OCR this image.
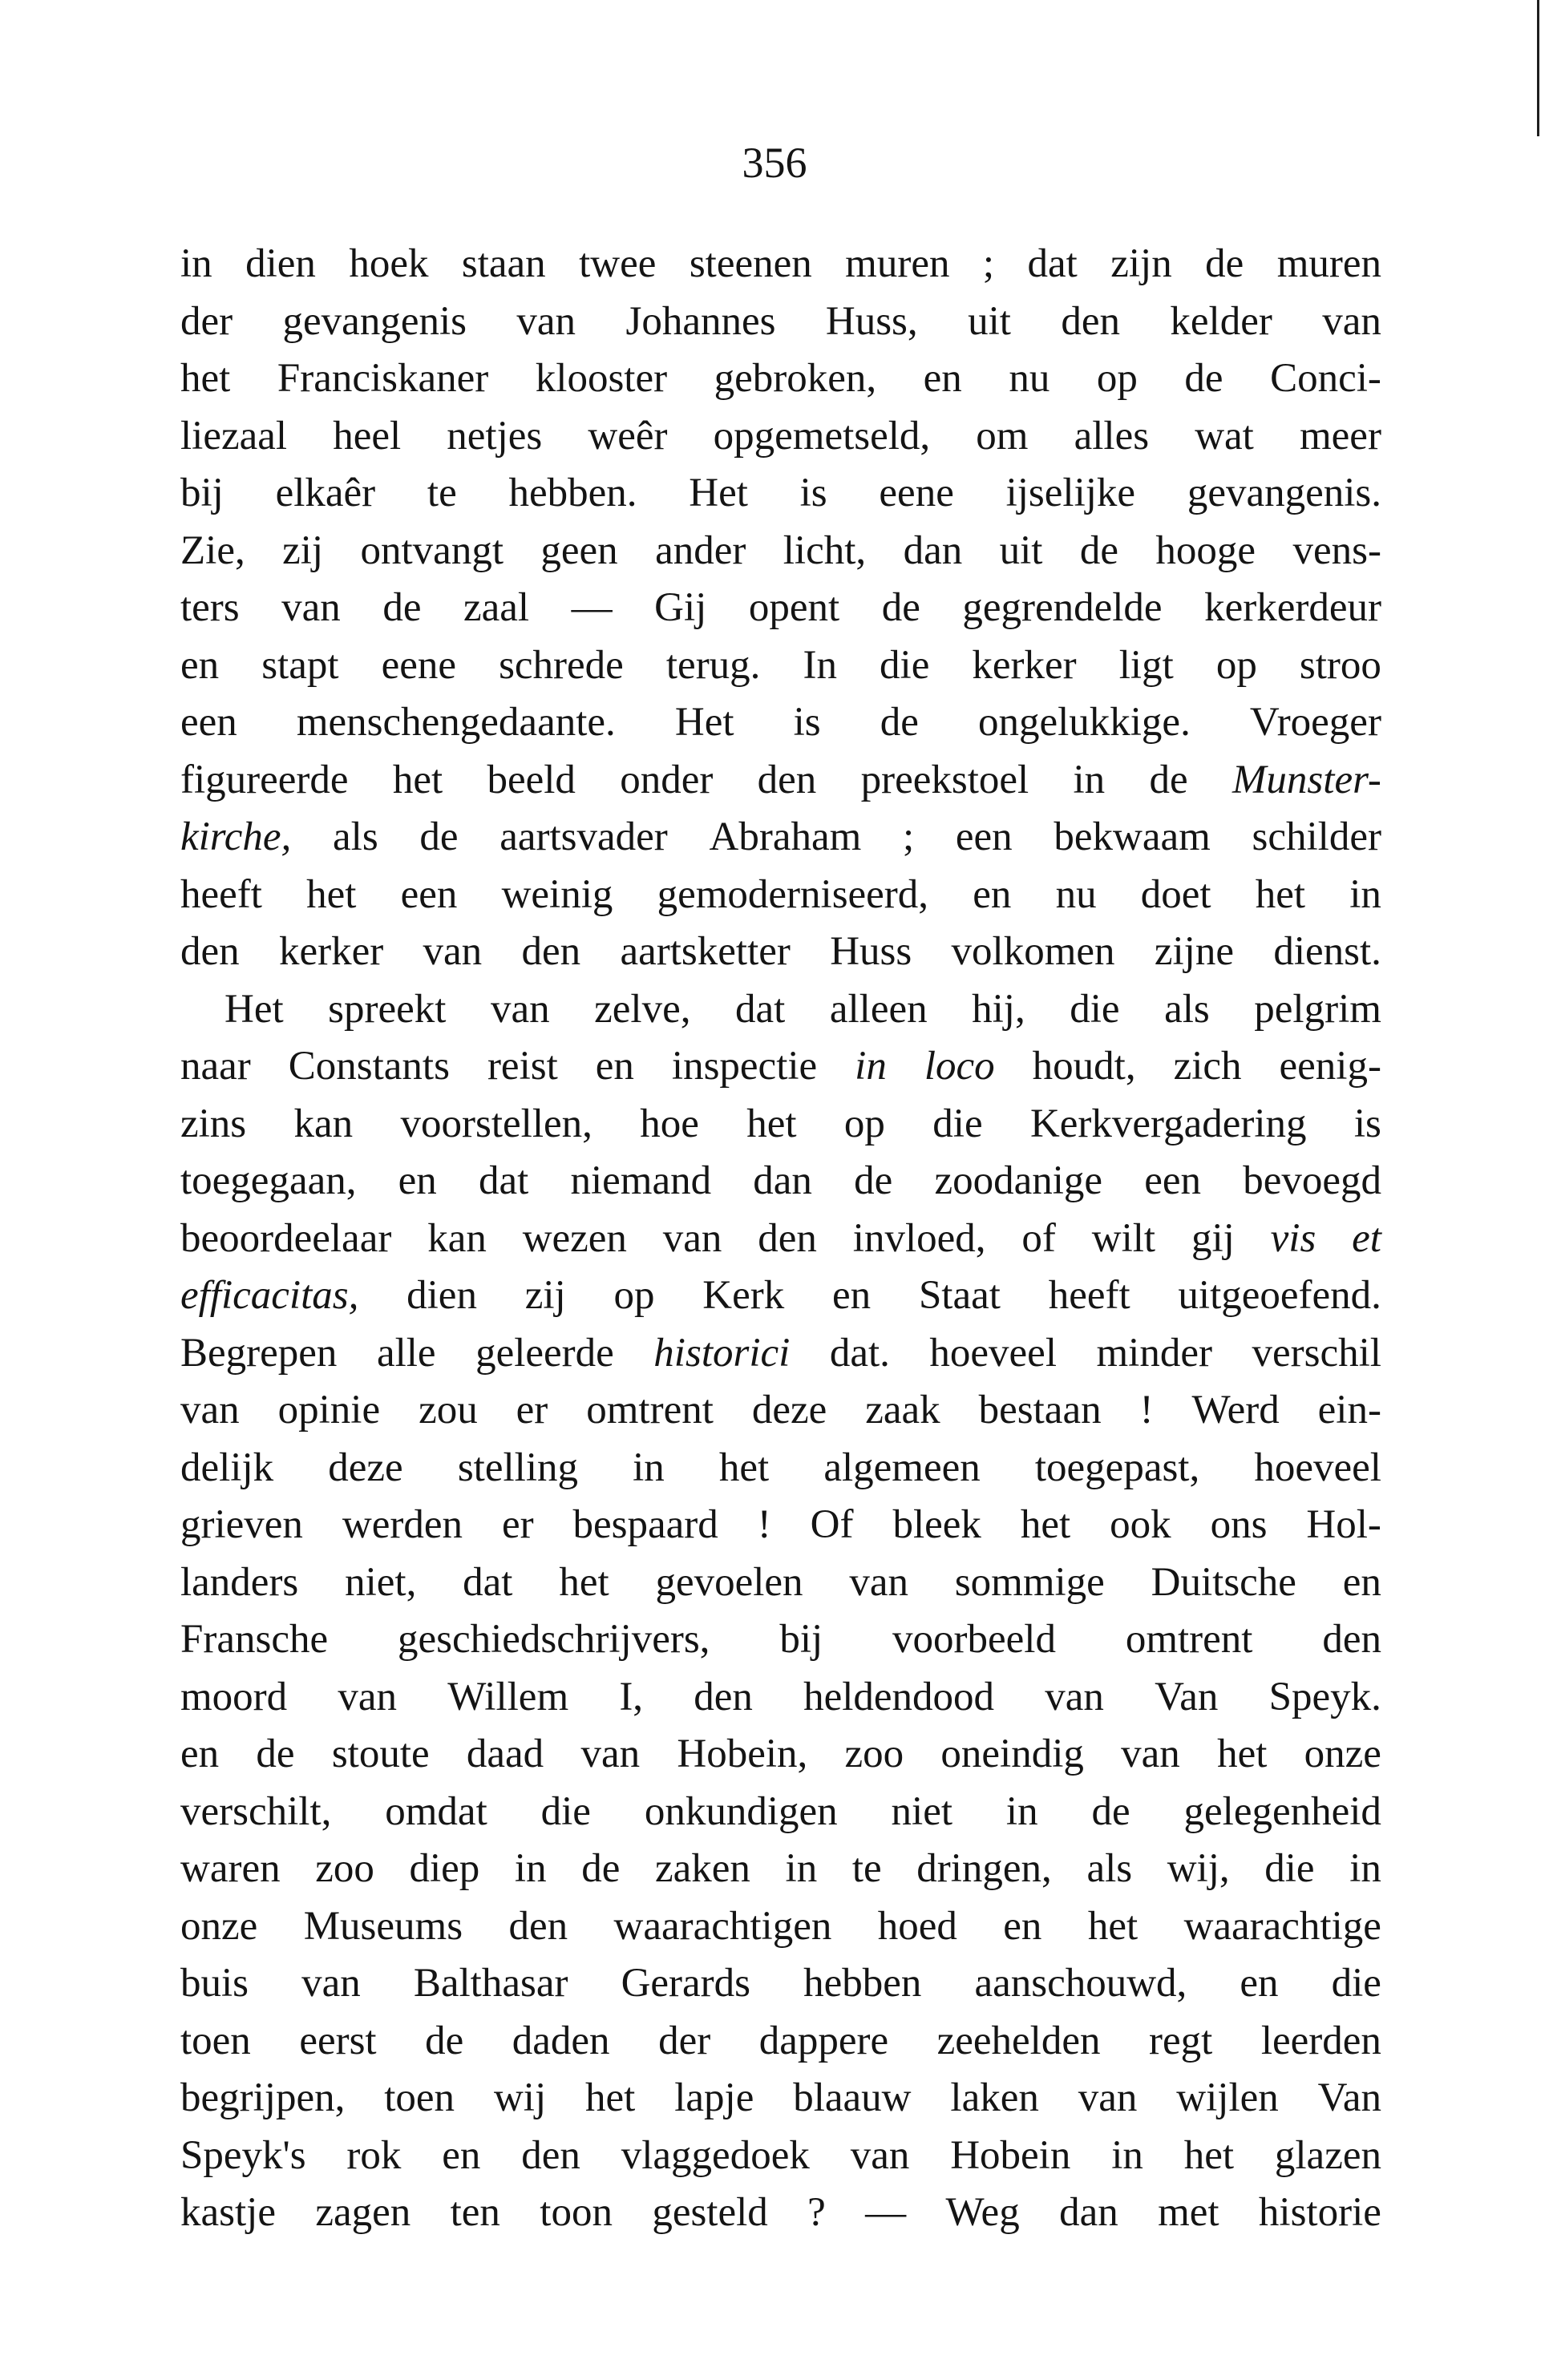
356
in dien hoek staan twee steenen muren ; dat zijn de muren
der gevangenis van Johannes Huss, uit den kelder van
het Franciskaner klooster gebroken, en nu op de Conci-
liezaal heel netjes weêr opgemetseld, om alles wat meer
bij elkaêr te hebben. Het is eene ijselijke gevangenis.
Zie, zij ontvangt geen ander licht, dan uit de hooge vens-
ters van de zaal — Gij opent de gegrendelde kerkerdeur
en stapt eene schrede terug. In die kerker ligt op stroo
een menschengedaante. Het is de ongelukkige. Vroeger
figureerde het beeld onder den preekstoel in de Munster-
kirche, als de aartsvader Abraham ; een bekwaam schilder
heeft het een weinig gemoderniseerd, en nu doet het in
den kerker van den aartsketter Huss volkomen zijne dienst.
Het spreekt van zelve, dat alleen hij, die als pelgrim
naar Constants reist en inspectie in loco houdt, zich eenig-
zins kan voorstellen, hoe het op die Kerkvergadering is
toegegaan, en dat niemand dan de zoodanige een bevoegd
beoordeelaar kan wezen van den invloed, of wilt gij vis et
efficacitas, dien zij op Kerk en Staat heeft uitgeoefend.
Begrepen alle geleerde historici dat. hoeveel minder verschil
van opinie zou er omtrent deze zaak bestaan ! Werd ein-
delijk deze stelling in het algemeen toegepast, hoeveel
grieven werden er bespaard ! Of bleek het ook ons Hol-
landers niet, dat het gevoelen van sommige Duitsche en
Fransche geschiedschrijvers, bij voorbeeld omtrent den
moord van Willem I, den heldendood van Van Speyk.
en de stoute daad van Hobein, zoo oneindig van het onze
verschilt, omdat die onkundigen niet in de gelegenheid
waren zoo diep in de zaken in te dringen, als wij, die in
onze Museums den waarachtigen hoed en het waarachtige
buis van Balthasar Gerards hebben aanschouwd, en die
toen eerst de daden der dappere zeehelden regt leerden
begrijpen, toen wij het lapje blaauw laken van wijlen Van
Speyk's rok en den vlaggedoek van Hobein in het glazen
kastje zagen ten toon gesteld ? — Weg dan met historie
